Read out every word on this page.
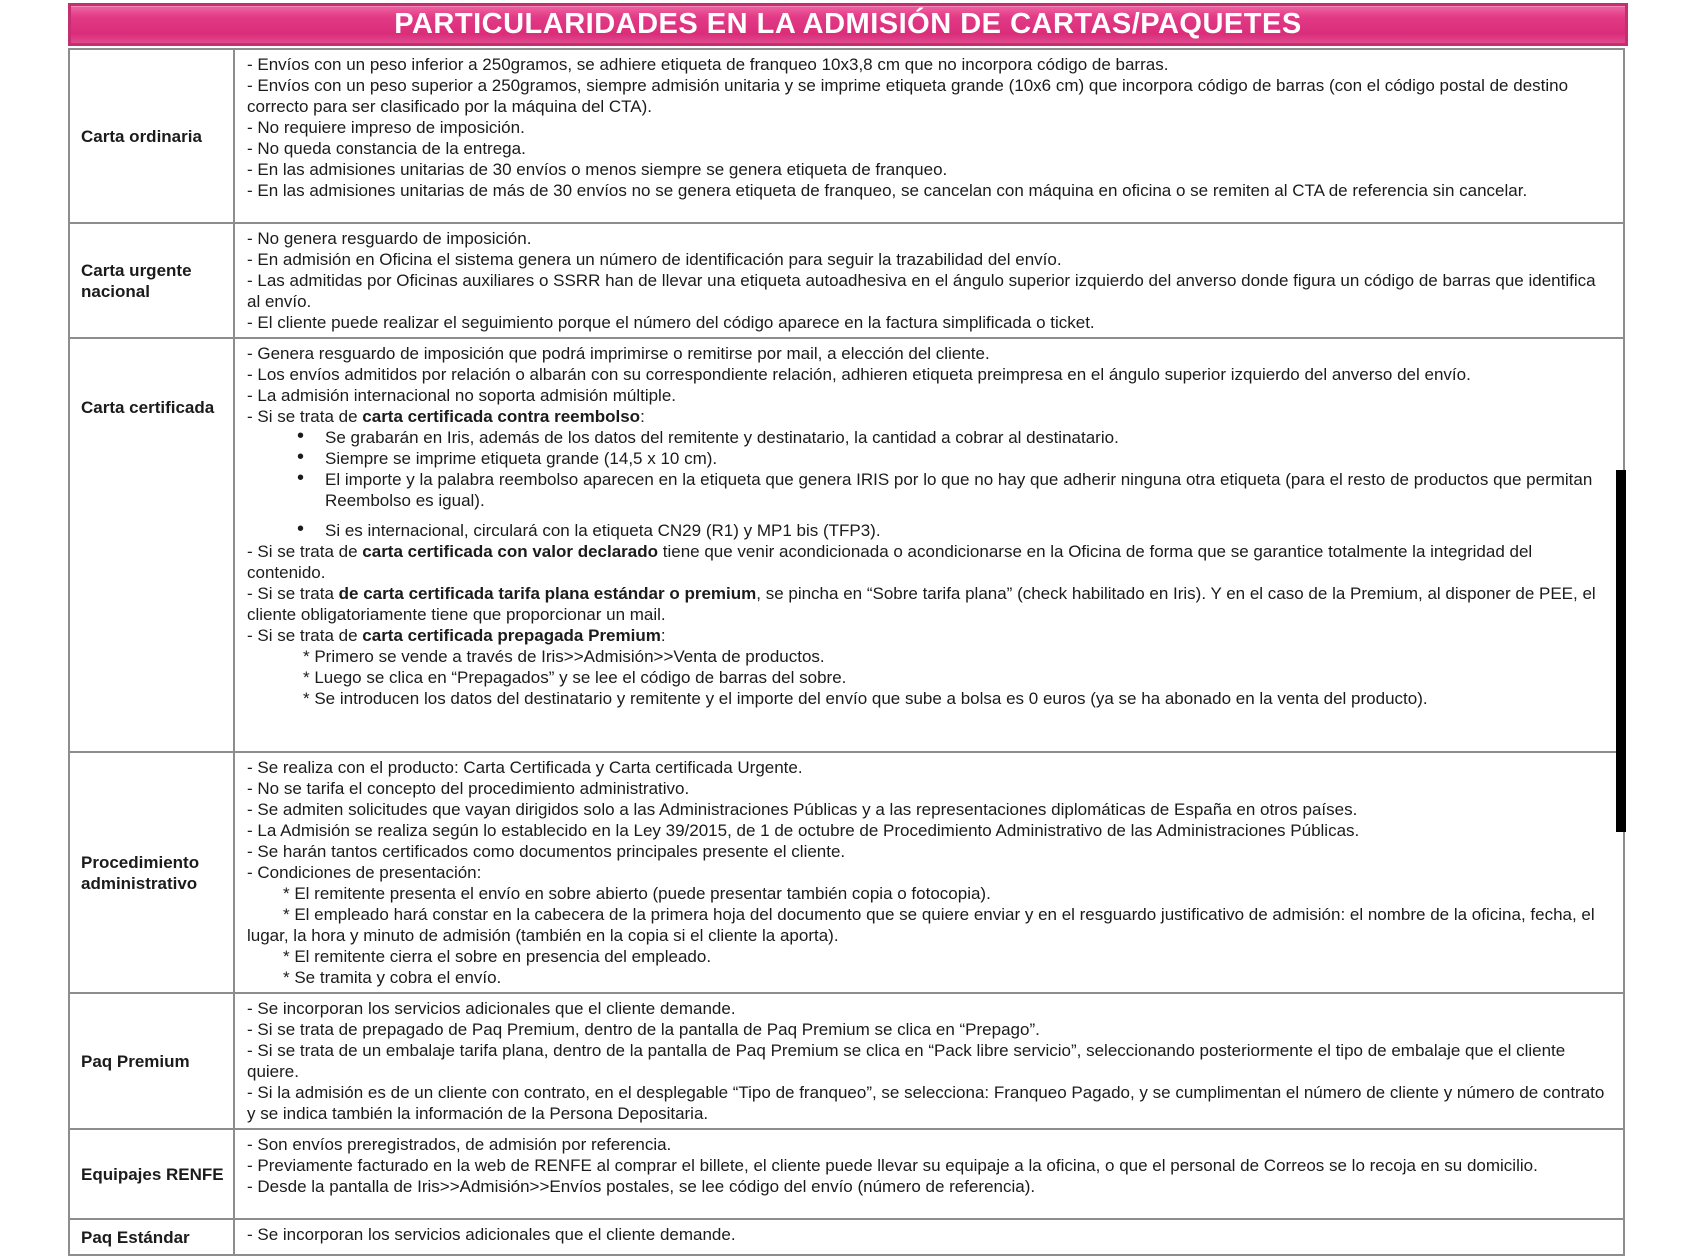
PARTICULARIDADES EN LA ADMISIÓN DE CARTAS/PAQUETES
Carta ordinaria	
- Envíos con un peso inferior a 250gramos, se adhiere etiqueta de franqueo 10x3,8 cm que no incorpora código de barras.
- Envíos con un peso superior a 250gramos, siempre admisión unitaria y se imprime etiqueta grande (10x6 cm) que incorpora código de barras (con el código postal de destino correcto para ser clasificado por la máquina del CTA).
- No requiere impreso de imposición.
- No queda constancia de la entrega.
- En las admisiones unitarias de 30 envíos o menos siempre se genera etiqueta de franqueo.
- En las admisiones unitarias de más de 30 envíos no se genera etiqueta de franqueo, se cancelan con máquina en oficina o se remiten al CTA de referencia sin cancelar.

Carta urgente nacional	- No genera resguardo de imposición.
- En admisión en Oficina el sistema genera un número de identificación para seguir la trazabilidad del envío.
- Las admitidas por Oficinas auxiliares o SSRR han de llevar una etiqueta autoadhesiva en el ángulo superior izquierdo del anverso donde figura un código de barras que identifica al envío.
- El cliente puede realizar el seguimiento porque el número del código aparece en la factura simplificada o ticket.

Carta certificada	
- Genera resguardo de imposición que podrá imprimirse o remitirse por mail, a elección del cliente.
- Los envíos admitidos por relación o albarán con su correspondiente relación, adhieren etiqueta preimpresa en el ángulo superior izquierdo del anverso del envío.
- La admisión internacional no soporta admisión múltiple.
- Si se trata de carta certificada contra reembolso:
• Se grabarán en Iris, además de los datos del remitente y destinatario, la cantidad a cobrar al destinatario.
• Siempre se imprime etiqueta grande (14,5 x 10 cm).
• El importe y la palabra reembolso aparecen en la etiqueta que genera IRIS por lo que no hay que adherir ninguna otra etiqueta (para el resto de productos que permitan Reembolso es igual).
• Si es internacional, circulará con la etiqueta CN29 (R1) y MP1 bis (TFP3).
- Si se trata de carta certificada con valor declarado tiene que venir acondicionada o acondicionarse en la Oficina de forma que se garantice totalmente la integridad del contenido.
- Si se trata de carta certificada tarifa plana estándar o premium, se pincha en “Sobre tarifa plana” (check habilitado en Iris). Y en el caso de la Premium, al disponer de PEE, el cliente obligatoriamente tiene que proporcionar un mail.
- Si se trata de carta certificada prepagada Premium:
* Primero se vende a través de Iris>>Admisión>>Venta de productos.
* Luego se clica en “Prepagados” y se lee el código de barras del sobre.
* Se introducen los datos del destinatario y remitente y el importe del envío que sube a bolsa es 0 euros (ya se ha abonado en la venta del producto).

Procedimiento administrativo	
- Se realiza con el producto: Carta Certificada y Carta certificada Urgente.
- No se tarifa el concepto del procedimiento administrativo.
- Se admiten solicitudes que vayan dirigidos solo a las Administraciones Públicas y a las representaciones diplomáticas de España en otros países.
- La Admisión se realiza según lo establecido en la Ley 39/2015, de 1 de octubre de Procedimiento Administrativo de las Administraciones Públicas.
- Se harán tantos certificados como documentos principales presente el cliente.
- Condiciones de presentación:
* El remitente presenta el envío en sobre abierto (puede presentar también copia o fotocopia).
* El empleado hará constar en la cabecera de la primera hoja del documento que se quiere enviar y en el resguardo justificativo de admisión: el nombre de la oficina, fecha, el lugar, la hora y minuto de admisión (también en la copia si el cliente la aporta).
* El remitente cierra el sobre en presencia del empleado.
* Se tramita y cobra el envío.

Paq Premium	- Se incorporan los servicios adicionales que el cliente demande.
- Si se trata de prepagado de Paq Premium, dentro de la pantalla de Paq Premium se clica en “Prepago”.
- Si se trata de un embalaje tarifa plana, dentro de la pantalla de Paq Premium se clica en “Pack libre servicio”, seleccionando posteriormente el tipo de embalaje que el cliente quiere.
- Si la admisión es de un cliente con contrato, en el desplegable “Tipo de franqueo”, se selecciona: Franqueo Pagado, y se cumplimentan el número de cliente y número de contrato y se indica también la información de la Persona Depositaria.

Equipajes RENFE	- Son envíos preregistrados, de admisión por referencia.
- Previamente facturado en la web de RENFE al comprar el billete, el cliente puede llevar su equipaje a la oficina, o que el personal de Correos se lo recoja en su domicilio.
- Desde la pantalla de Iris>>Admisión>>Envíos postales, se lee código del envío (número de referencia).

Paq Estándar	- Se incorporan los servicios adicionales que el cliente demande.
